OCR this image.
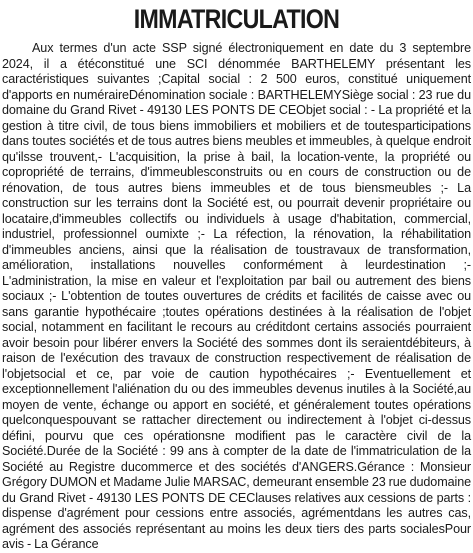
IMMATRICULATION

Aux termes d'un acte SSP signé électroniquement en date du 3 septembre 2024, il a étéconstitué une SCI dénommée BARTHELEMY présentant les caractéristiques suivantes ;Capital social : 2 500 euros, constitué uniquement d'apports en numéraireDénomination sociale : BARTHELEMYSiège social : 23 rue du domaine du Grand Rivet - 49130 LES PONTS DE CEObjet social : - La propriété et la gestion à titre civil, de tous biens immobiliers et mobiliers et de toutesparticipations dans toutes sociétés et de tous autres biens meubles et immeubles, à quelque endroit qu'ilsse trouvent,- L'acquisition, la prise à bail, la location-vente, la propriété ou copropriété de terrains, d'immeublesconstruits ou en cours de construction ou de rénovation, de tous autres biens immeubles et de tous biensmeubles ;- La construction sur les terrains dont la Société est, ou pourrait devenir propriétaire ou locataire,d'immeubles collectifs ou individuels à usage d'habitation, commercial, industriel, professionnel oumixte ;- La réfection, la rénovation, la réhabilitation d'immeubles anciens, ainsi que la réalisation de toustravaux de transformation, amélioration, installations nouvelles conformément à leurdestination ;- L'administration, la mise en valeur et l'exploitation par bail ou autrement des biens sociaux ;- L'obtention de toutes ouvertures de crédits et facilités de caisse avec ou sans garantie hypothécaire ;toutes opérations destinées à la réalisation de l'objet social, notamment en facilitant le recours au créditdont certains associés pourraient avoir besoin pour libérer envers la Société des sommes dont ils seraientdébiteurs, à raison de l'exécution des travaux de construction respectivement de réalisation de l'objetsocial et ce, par voie de caution hypothécaires ;- Eventuellement et exceptionnellement l'aliénation du ou des immeubles devenus inutiles à la Société,au moyen de vente, échange ou apport en société, et généralement toutes opérations quelconquespouvant se rattacher directement ou indirectement à l'objet ci-dessus défini, pourvu que ces opérationsne modifient pas le caractère civil de la Société.Durée de la Société : 99 ans à compter de la date de l'immatriculation de la Société au Registre ducommerce et des sociétés d'ANGERS.Gérance : Monsieur Grégory DUMON et Madame Julie MARSAC, demeurant ensemble 23 rue dudomaine du Grand Rivet - 49130 LES PONTS DE CEClauses relatives aux cessions de parts : dispense d'agrément pour cessions entre associés, agrémentdans les autres cas, agrément des associés représentant au moins les deux tiers des parts socialesPour avis - La Gérance
